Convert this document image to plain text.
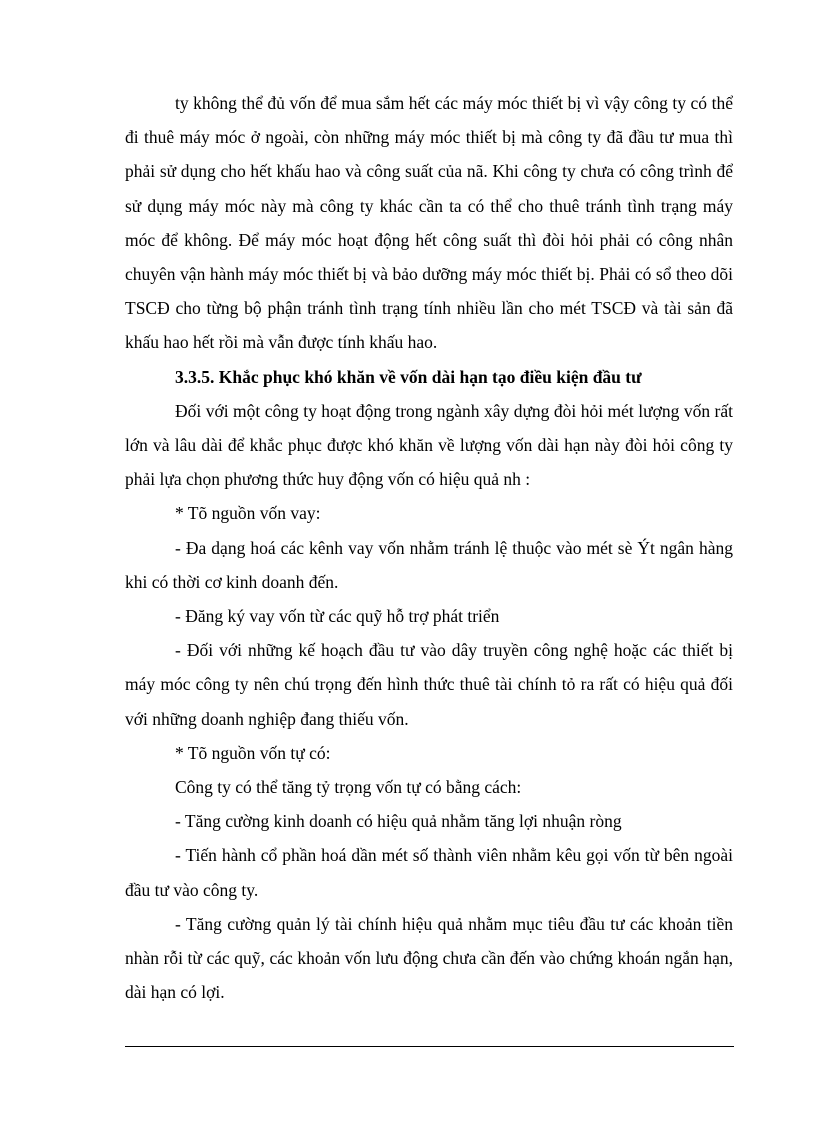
ty không thể đủ vốn để mua sắm hết các máy móc thiết bị vì vậy công ty có thể đi thuê máy móc ở ngoài, còn những máy móc thiết bị mà công ty đã đầu tư mua thì phải sử dụng cho hết khấu hao và công suất của nã. Khi công ty chưa có công trình để sử dụng máy móc này mà công ty khác cần ta có thể cho thuê tránh tình trạng máy móc để không. Để máy móc hoạt động hết công suất thì đòi hỏi phải có công nhân chuyên vận hành máy móc thiết bị và bảo dưỡng máy móc thiết bị. Phải có sổ theo dõi TSCĐ cho từng bộ phận tránh tình trạng tính nhiều lần cho mét TSCĐ và tài sản đã khấu hao hết rồi mà vẫn được tính khấu hao.

3.3.5. Khắc phục khó khăn về vốn dài hạn tạo điều kiện đầu tư

Đối với một công ty hoạt động trong ngành xây dựng đòi hỏi mét lượng vốn rất lớn và lâu dài để khắc phục được khó khăn về lượng vốn dài hạn này đòi hỏi công ty phải lựa chọn phương thức huy động vốn có hiệu quả nh :

* Tõ nguồn vốn vay:

- Đa dạng hoá các kênh vay vốn nhằm tránh lệ thuộc vào mét sè Ýt ngân hàng khi có thời cơ kinh doanh đến.

- Đăng ký vay vốn từ các quỹ hỗ trợ phát triển

- Đối với những kế hoạch đầu tư vào dây truyền công nghệ hoặc các thiết bị máy móc công ty nên chú trọng đến hình thức thuê tài chính tỏ ra rất có hiệu quả đối với những doanh nghiệp đang thiếu vốn.

* Tõ nguồn vốn tự có:

Công ty có thể tăng tỷ trọng vốn tự có bằng cách:

- Tăng cường kinh doanh có hiệu quả nhằm tăng lợi nhuận ròng

- Tiến hành cổ phần hoá dần mét số thành viên nhằm kêu gọi vốn từ bên ngoài đầu tư vào công ty.

- Tăng cường quản lý tài chính hiệu quả nhằm mục tiêu đầu tư các khoản tiền nhàn rỗi từ các quỹ, các khoản vốn lưu động chưa cần đến vào chứng khoán ngắn hạn, dài hạn có lợi.
